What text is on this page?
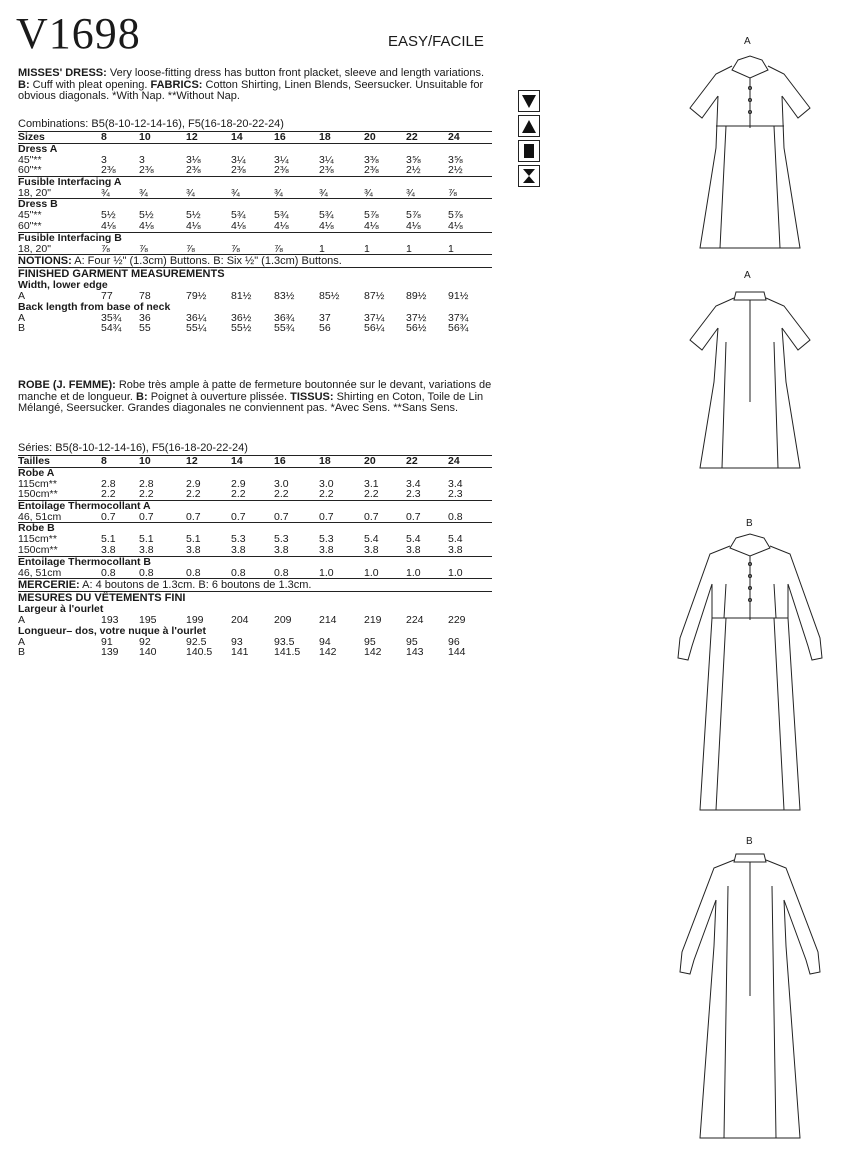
V1698	EASY/FACILE
MISSES' DRESS: Very loose-fitting dress has button front placket, sleeve and length variations. B: Cuff with pleat opening. FABRICS: Cotton Shirting, Linen Blends, Seersucker. Unsuitable for obvious diagonals. *With Nap. **Without Nap.
Combinations: B5(8-10-12-14-16), F5(16-18-20-22-24)
Sizes	8	10	12	14	16	18	20	22	24
Dress A
45"**	3	3	3⅛	3¼	3¼	3¼	3⅜	3⅝	3⅝
60"**	2⅜	2⅜	2⅜	2⅜	2⅜	2⅜	2⅜	2½	2½
Fusible Interfacing A
18, 20"	¾	¾	¾	¾	¾	¾	¾	¾	⅞
Dress B
45"**	5½	5½	5½	5¾	5¾	5¾	5⅞	5⅞	5⅞
60"**	4⅛	4⅛	4⅛	4⅛	4⅛	4⅛	4⅛	4⅛	4⅛
Fusible Interfacing B
18, 20"	⅞	⅞	⅞	⅞	⅞	1	1	1	1
NOTIONS: A: Four ½" (1.3cm) Buttons. B: Six ½" (1.3cm) Buttons.
FINISHED GARMENT MEASUREMENTS
Width, lower edge
A	77	78	79½	81½	83½	85½	87½	89½	91½
Back length from base of neck
A	35¾	36	36¼	36½	36¾	37	37¼	37½	37¾
B	54¾	55	55¼	55½	55¾	56	56¼	56½	56¾
ROBE (J. FEMME): Robe très ample à patte de fermeture boutonnée sur le devant, variations de manche et de longueur. B: Poignet à ouverture plissée. TISSUS: Shirting en Coton, Toile de Lin Mélangé, Seersucker. Grandes diagonales ne conviennent pas. *Avec Sens. **Sans Sens.
Séries: B5(8-10-12-14-16), F5(16-18-20-22-24)
Tailles	8	10	12	14	16	18	20	22	24
Robe A
115cm**	2.8	2.8	2.9	2.9	3.0	3.0	3.1	3.4	3.4
150cm**	2.2	2.2	2.2	2.2	2.2	2.2	2.2	2.3	2.3
Entoilage Thermocollant A
46, 51cm	0.7	0.7	0.7	0.7	0.7	0.7	0.7	0.7	0.8
Robe B
115cm**	5.1	5.1	5.1	5.3	5.3	5.3	5.4	5.4	5.4
150cm**	3.8	3.8	3.8	3.8	3.8	3.8	3.8	3.8	3.8
Entoilage Thermocollant B
46, 51cm	0.8	0.8	0.8	0.8	0.8	1.0	1.0	1.0	1.0
MERCERIE: A: 4 boutons de 1.3cm. B: 6 boutons de 1.3cm.
MESURES DU VÊTEMENTS FINI
Largeur à l'ourlet
A	193	195	199	204	209	214	219	224	229
Longueur– dos, votre nuque à l'ourlet
A	91	92	92.5	93	93.5	94	95	95	96
B	139	140	140.5	141	141.5	142	142	143	144
A
A
B
B
